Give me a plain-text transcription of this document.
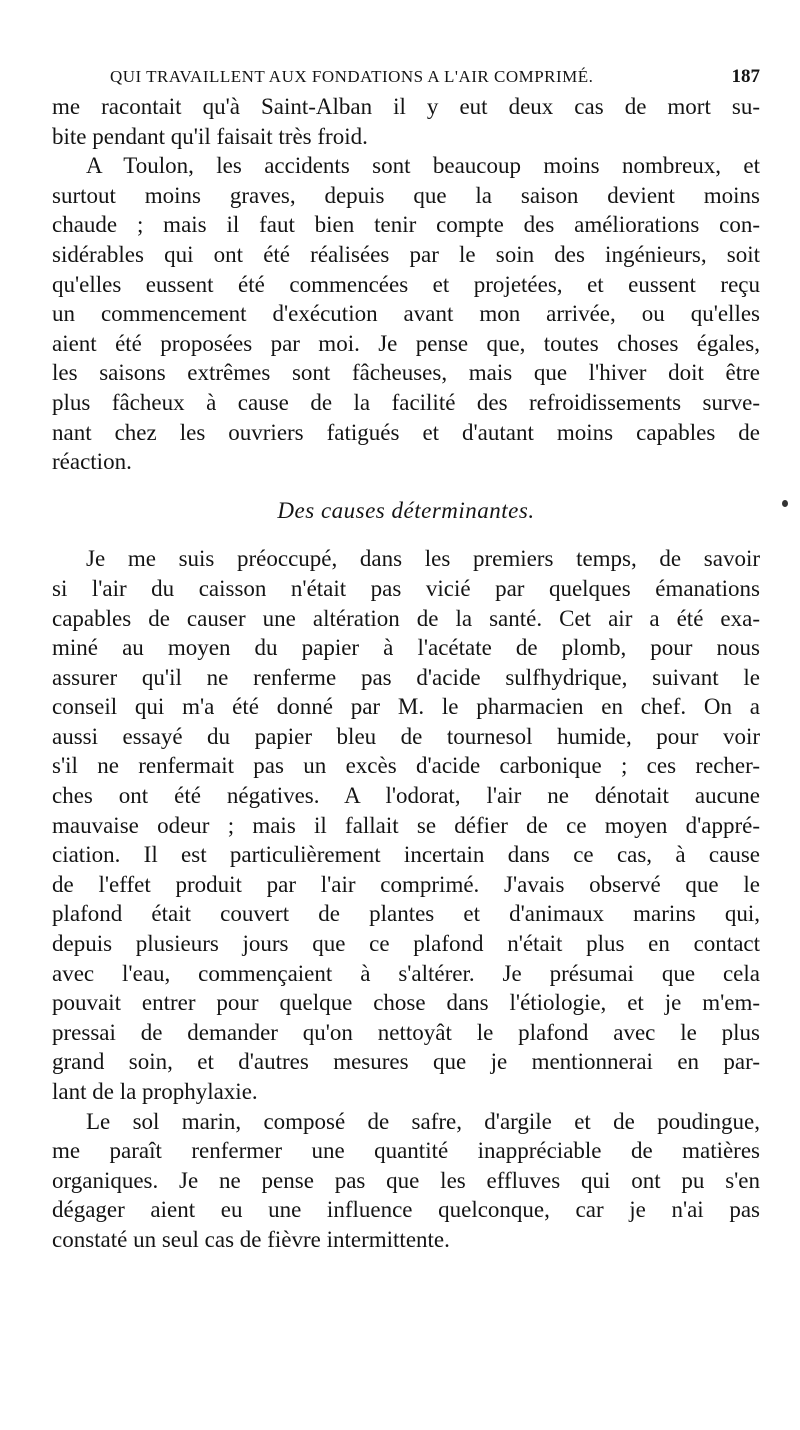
QUI TRAVAILLENT AUX FONDATIONS A L'AIR COMPRIMÉ.	187
me racontait qu'à Saint-Alban il y eut deux cas de mort su-
bite pendant qu'il faisait très froid.
A Toulon, les accidents sont beaucoup moins nombreux, et
surtout moins graves, depuis que la saison devient moins
chaude ; mais il faut bien tenir compte des améliorations con-
sidérables qui ont été réalisées par le soin des ingénieurs, soit
qu'elles eussent été commencées et projetées, et eussent reçu
un commencement d'exécution avant mon arrivée, ou qu'elles
aient été proposées par moi. Je pense que, toutes choses égales,
les saisons extrêmes sont fâcheuses, mais que l'hiver doit être
plus fâcheux à cause de la facilité des refroidissements surve-
nant chez les ouvriers fatigués et d'autant moins capables de
réaction.
Des causes déterminantes.
Je me suis préoccupé, dans les premiers temps, de savoir
si l'air du caisson n'était pas vicié par quelques émanations
capables de causer une altération de la santé. Cet air a été exa-
miné au moyen du papier à l'acétate de plomb, pour nous
assurer qu'il ne renferme pas d'acide sulfhydrique, suivant le
conseil qui m'a été donné par M. le pharmacien en chef. On a
aussi essayé du papier bleu de tournesol humide, pour voir
s'il ne renfermait pas un excès d'acide carbonique ; ces recher-
ches ont été négatives. A l'odorat, l'air ne dénotait aucune
mauvaise odeur ; mais il fallait se défier de ce moyen d'appré-
ciation. Il est particulièrement incertain dans ce cas, à cause
de l'effet produit par l'air comprimé. J'avais observé que le
plafond était couvert de plantes et d'animaux marins qui,
depuis plusieurs jours que ce plafond n'était plus en contact
avec l'eau, commençaient à s'altérer. Je présumai que cela
pouvait entrer pour quelque chose dans l'étiologie, et je m'em-
pressai de demander qu'on nettoyât le plafond avec le plus
grand soin, et d'autres mesures que je mentionnerai en par-
lant de la prophylaxie.
Le sol marin, composé de safre, d'argile et de poudingue,
me paraît renfermer une quantité inappréciable de matières
organiques. Je ne pense pas que les effluves qui ont pu s'en
dégager aient eu une influence quelconque, car je n'ai pas
constaté un seul cas de fièvre intermittente.
